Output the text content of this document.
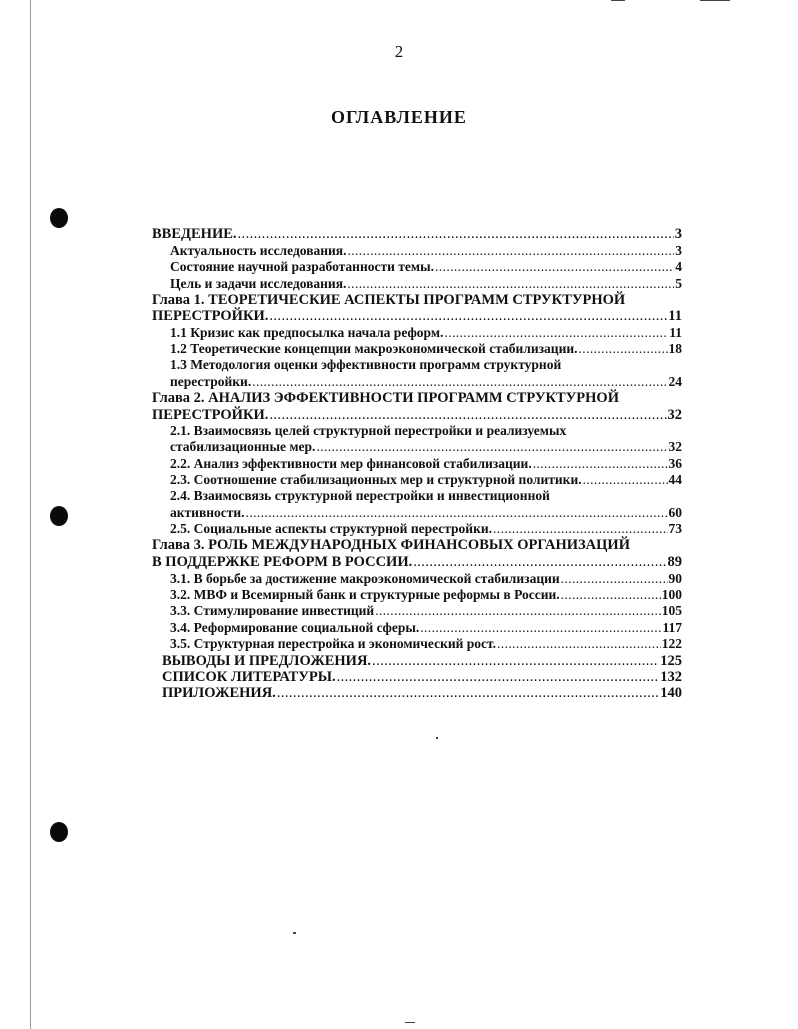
2
ОГЛАВЛЕНИЕ
ВВЕДЕНИЕ. .....	3
Актуальность исследования. .....	3
Состояние научной разработанности темы. .....	4
Цель и задачи исследования. .....	5
Глава 1. ТЕОРЕТИЧЕСКИЕ АСПЕКТЫ ПРОГРАММ СТРУКТУРНОЙ
ПЕРЕСТРОЙКИ. .....	11
1.1 Кризис как предпосылка начала реформ. .....	11
1.2 Теоретические концепции макроэкономической стабилизации. .....	18
1.3 Методология оценки эффективности программ структурной
перестройки. .....	24
Глава 2. АНАЛИЗ ЭФФЕКТИВНОСТИ ПРОГРАММ СТРУКТУРНОЙ
ПЕРЕСТРОЙКИ. .....	32
2.1. Взаимосвязь целей структурной перестройки и реализуемых
стабилизационные мер. .....	32
2.2. Анализ эффективности мер финансовой стабилизации. .....	36
2.3. Соотношение стабилизационных мер и структурной политики. .....	44
2.4. Взаимосвязь структурной перестройки и инвестиционной
активности. .....	60
2.5. Социальные аспекты структурной перестройки. .....	73
Глава 3. РОЛЬ МЕЖДУНАРОДНЫХ ФИНАНСОВЫХ ОРГАНИЗАЦИЙ
В ПОДДЕРЖКЕ РЕФОРМ В РОССИИ. .....	89
3.1. В борьбе за достижение макроэкономической стабилизации .....	90
3.2. МВФ и Всемирный банк и структурные реформы в России. .....	100
3.3. Стимулирование инвестиций .....	105
3.4. Реформирование социальной сферы. .....	117
3.5. Структурная перестройка и экономический рост. .....	122
ВЫВОДЫ И ПРЕДЛОЖЕНИЯ. .....	125
СПИСОК ЛИТЕРАТУРЫ. .....	132
ПРИЛОЖЕНИЯ. .....	140
